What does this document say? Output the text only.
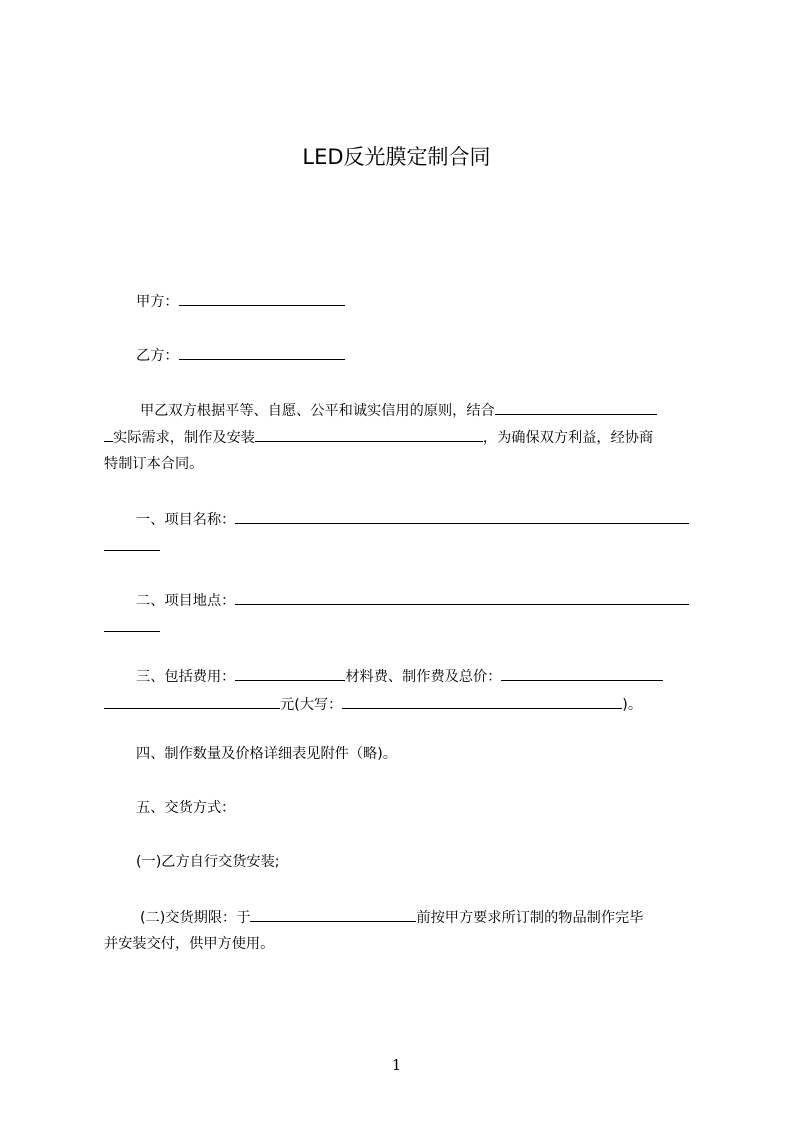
LED反光膜定制合同
甲方：
乙方：
甲乙双方根据平等、自愿、公平和诚实信用的原则，结合
实际需求，制作及安装	，为确保双方利益，经协商
特制订本合同。
一、项目名称：
二、项目地点：
三、包括费用：	材料费、制作费及总价：
元(大写：	)。
四、制作数量及价格详细表见附件（略)。
五、交货方式：
(一)乙方自行交货安装;
(二)交货期限：于	前按甲方要求所订制的物品制作完毕
并安装交付，供甲方使用。
1
